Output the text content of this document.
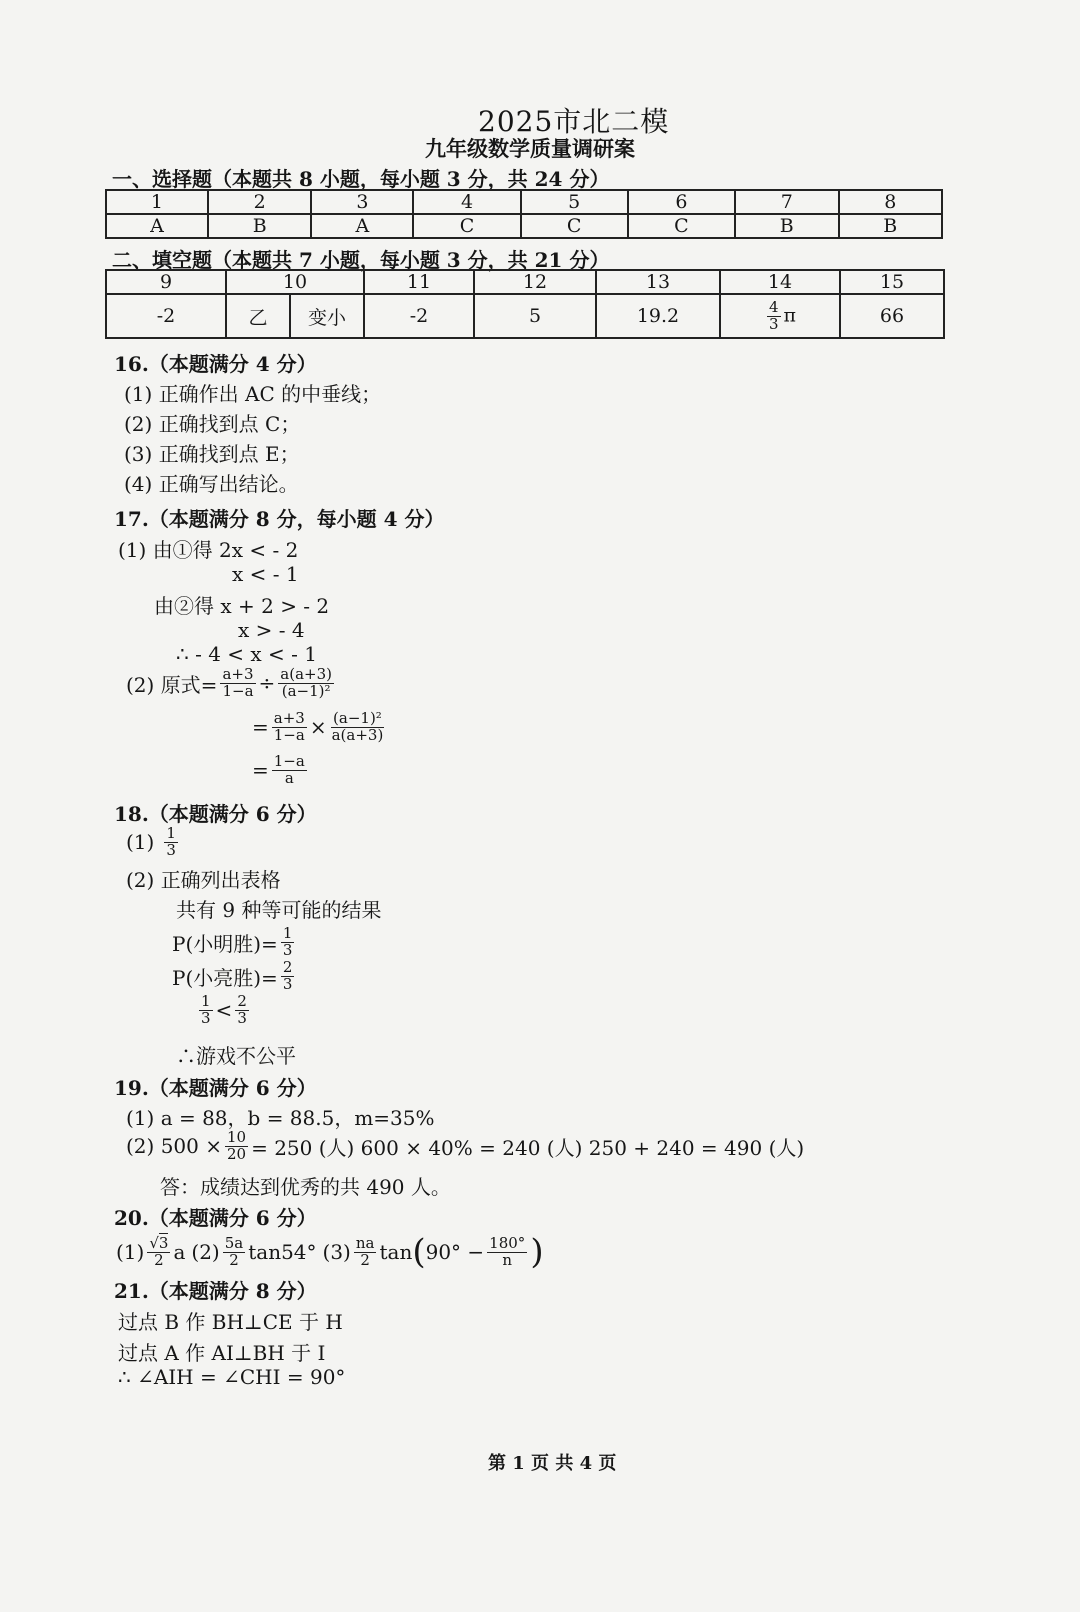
2025市北二模
九年级数学质量调研案
一、选择题（本题共 8 小题，每小题 3 分，共 24 分）
1	2	3	4	5	6	7	8
A	B	A	C	C	C	B	B
二、填空题（本题共 7 小题，每小题 3 分，共 21 分）
9	10		11	12	13	14	15
-2	乙	变小	-2	5	19.2	$\frac{4}{3}$ π	66
16.（本题满分 4 分）
(1) 正确作出 AC 的中垂线；
(2) 正确找到点 C；
(3) 正确找到点 E；
(4) 正确写出结论。
17.（本题满分 8 分，每小题 4 分）
(1) 由①得 2x < - 2
x < - 1
由②得 x + 2 > - 2
x > - 4
∴ - 4 < x < - 1
(2) 原式= $\frac{a+3}{1-a} \div \frac{a(a+3)}{\text{(a−1)²}}$
= $\frac{a+3}{1-a} \times \frac{\text{(a−1)²}}{a(a+3)}$
= $\frac{1-a}{a}$
18.（本题满分 6 分）
$(1) \frac{1}{3}$
(2) 正确列出表格
共有 9 种等可能的结果
P(小明胜)= $\frac{1}{3}$
P(小亮胜)= $\frac{2}{3}$
$\frac{1}{3} < \frac{2}{3}$
∴游戏不公平
19.（本题满分 6 分）
(1) a = 88，b = 88.5，m=35%
(2) $500 \times \frac{10}{20} = 250$ (人) 600 × 40% = 240 (人) 250 + 240 = 490 (人)
答：成绩达到优秀的共 490 人。
20.（本题满分 6 分）
$(1) \frac{√3}{2}$ a $(2) \frac{5a}{2} \tan 54^\circ$ $(3) \frac{na}{2}$ tan ( $90^\circ - \frac{180^\circ}{n}$ )
21.（本题满分 8 分）
过点 B 作 BH⊥CE 于 H
过点 A 作 AI⊥BH 于 I
∴ ∠AIH = ∠CHI = 90°
第 1 页 共 4 页
